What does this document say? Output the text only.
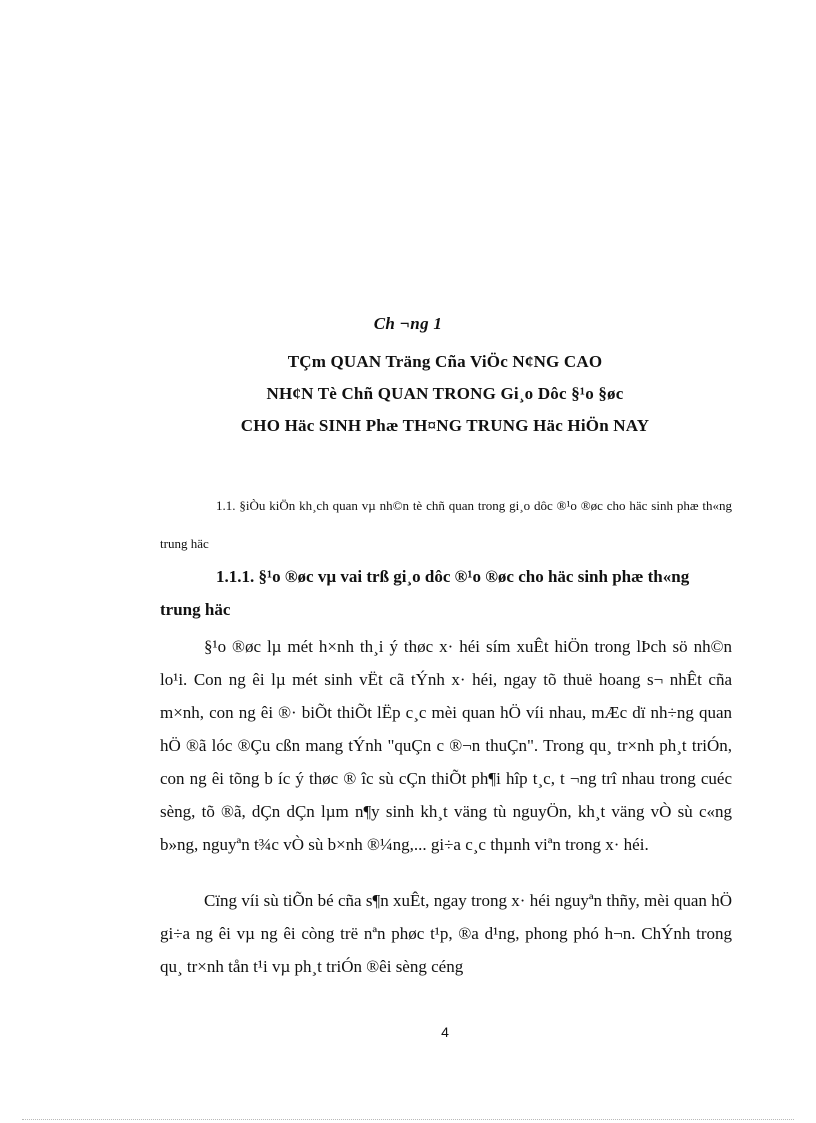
Ch ¬ng 1
TÇm QUAN Träng Cña ViÖc N¢NG CAO
NH¢N Tè Chñ QUAN TRONG Gi¸o Dôc §¹o §øc
CHO Häc SINH Phæ TH¤NG TRUNG Häc HiÖn NAY
1.1. §iÒu kiÖn kh¸ch quan vµ nh©n tè chñ quan trong gi¸o dôc ®¹o ®øc cho häc sinh phæ th«ng trung häc
1.1.1. §¹o ®øc vµ vai trß gi¸o dôc ®¹o ®øc cho häc sinh phæ th«ng trung häc
§¹o ®øc lµ mét h×nh th¸i ý thøc x· héi sím xuÊt hiÖn trong lÞch sö nh©n lo¹i. Con ng êi lµ mét sinh vËt cã tÝnh x· héi, ngay tõ thuë hoang s¬ nhÊt cña m×nh, con ng êi ®· biÕt thiÕt lËp c¸c mèi quan hÖ víi nhau, mÆc dï nh÷ng quan hÖ ®ã lóc ®Çu cßn mang tÝnh "quÇn c ®¬n thuÇn". Trong qu¸ tr×nh ph¸t triÓn, con ng êi tõng b íc ý thøc ® îc sù cÇn thiÕt ph¶i hîp t¸c, t ¬ng trî nhau trong cuéc sèng, tõ ®ã, dÇn dÇn lµm n¶y sinh kh¸t väng tù nguyÖn, kh¸t väng vÒ sù c«ng b»ng, nguyªn t¾c vÒ sù b×nh ®¼ng,... gi÷a c¸c thµnh viªn trong x· héi.
Cïng víi sù tiÕn bé cña s¶n xuÊt, ngay trong x· héi nguyªn thñy, mèi quan hÖ gi÷a ng êi vµ ng êi còng trë nªn phøc t¹p, ®a d¹ng, phong phó h¬n. ChÝnh trong qu¸ tr×nh tån t¹i vµ ph¸t triÓn ®êi sèng céng
4
